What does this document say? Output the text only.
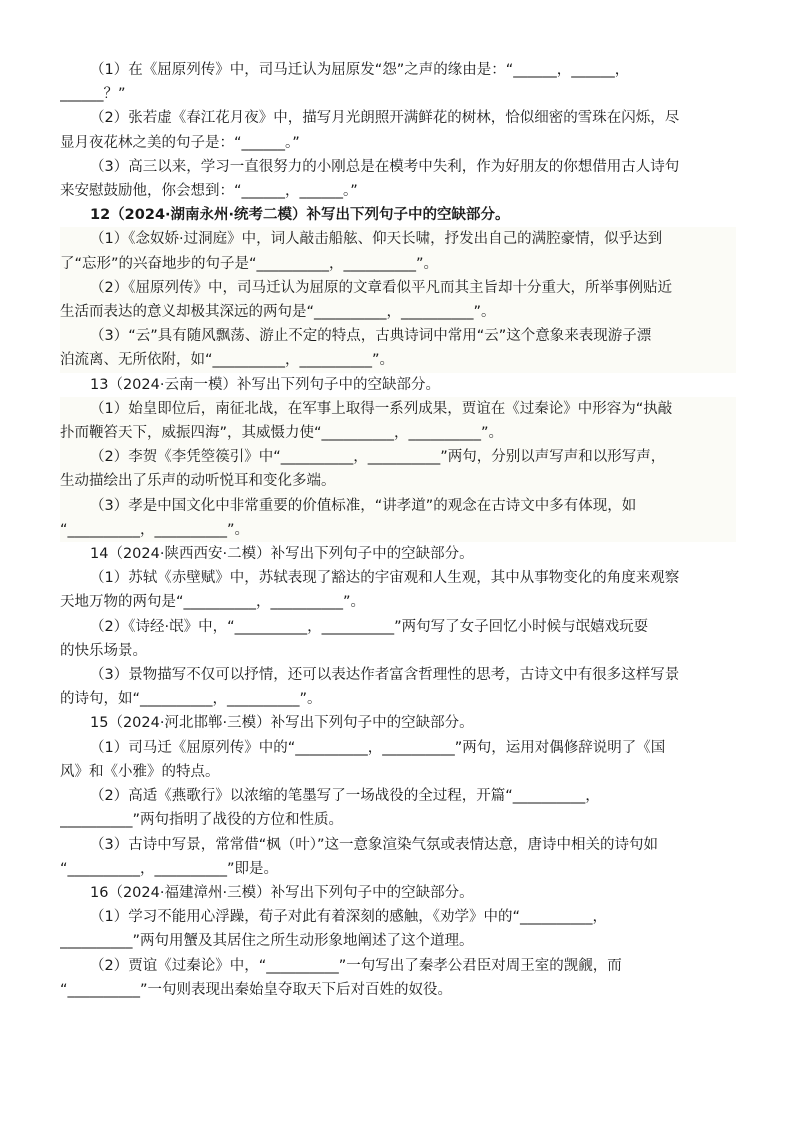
（1）在《屈原列传》中，司马迁认为屈原发“怨”之声的缘由是：“______，______，
______？”
（2）张若虚《春江花月夜》中，描写月光朗照开满鲜花的树林，恰似细密的雪珠在闪烁，尽
显月夜花林之美的句子是：“______。”
（3）高三以来，学习一直很努力的小刚总是在模考中失利，作为好朋友的你想借用古人诗句
来安慰鼓励他，你会想到：“______，______。”
12（2024·湖南永州·统考二模）补写出下列句子中的空缺部分。
（1）《念奴娇·过洞庭》中，词人敲击船舷、仰天长啸，抒发出自己的满腔豪情，似乎达到
了“忘形”的兴奋地步的句子是“__________，__________”。
（2）《屈原列传》中，司马迁认为屈原的文章看似平凡而其主旨却十分重大，所举事例贴近
生活而表达的意义却极其深远的两句是“__________，__________”。
（3）“云”具有随风飘荡、游止不定的特点，古典诗词中常用“云”这个意象来表现游子漂
泊流离、无所依附，如“__________，__________”。
13（2024·云南一模）补写出下列句子中的空缺部分。
（1）始皇即位后，南征北战，在军事上取得一系列成果，贾谊在《过秦论》中形容为“执敲
扑而鞭笞天下，威振四海”，其威慑力使“__________，__________”。
（2）李贺《李凭箜篌引》中“__________，__________”两句，分别以声写声和以形写声，
生动描绘出了乐声的动听悦耳和变化多端。
（3）孝是中国文化中非常重要的价值标准，“讲孝道”的观念在古诗文中多有体现，如
“__________，__________”。
14（2024·陕西西安·二模）补写出下列句子中的空缺部分。
（1）苏轼《赤壁赋》中，苏轼表现了豁达的宇宙观和人生观，其中从事物变化的角度来观察
天地万物的两句是“__________，__________”。
（2）《诗经·氓》中，“__________，__________”两句写了女子回忆小时候与氓嬉戏玩耍
的快乐场景。
（3）景物描写不仅可以抒情，还可以表达作者富含哲理性的思考，古诗文中有很多这样写景
的诗句，如“__________，__________”。
15（2024·河北邯郸·三模）补写出下列句子中的空缺部分。
（1）司马迁《屈原列传》中的“__________，__________”两句，运用对偶修辞说明了《国
风》和《小雅》的特点。
（2）高适《燕歌行》以浓缩的笔墨写了一场战役的全过程，开篇“__________，
__________”两句指明了战役的方位和性质。
（3）古诗中写景，常常借“枫（叶）”这一意象渲染气氛或表情达意，唐诗中相关的诗句如
“__________，__________”即是。
16（2024·福建漳州·三模）补写出下列句子中的空缺部分。
（1）学习不能用心浮躁，荀子对此有着深刻的感触，《劝学》中的“__________，
__________”两句用蟹及其居住之所生动形象地阐述了这个道理。
（2）贾谊《过秦论》中，“__________”一句写出了秦孝公君臣对周王室的觊觎，而
“__________”一句则表现出秦始皇夺取天下后对百姓的奴役。
